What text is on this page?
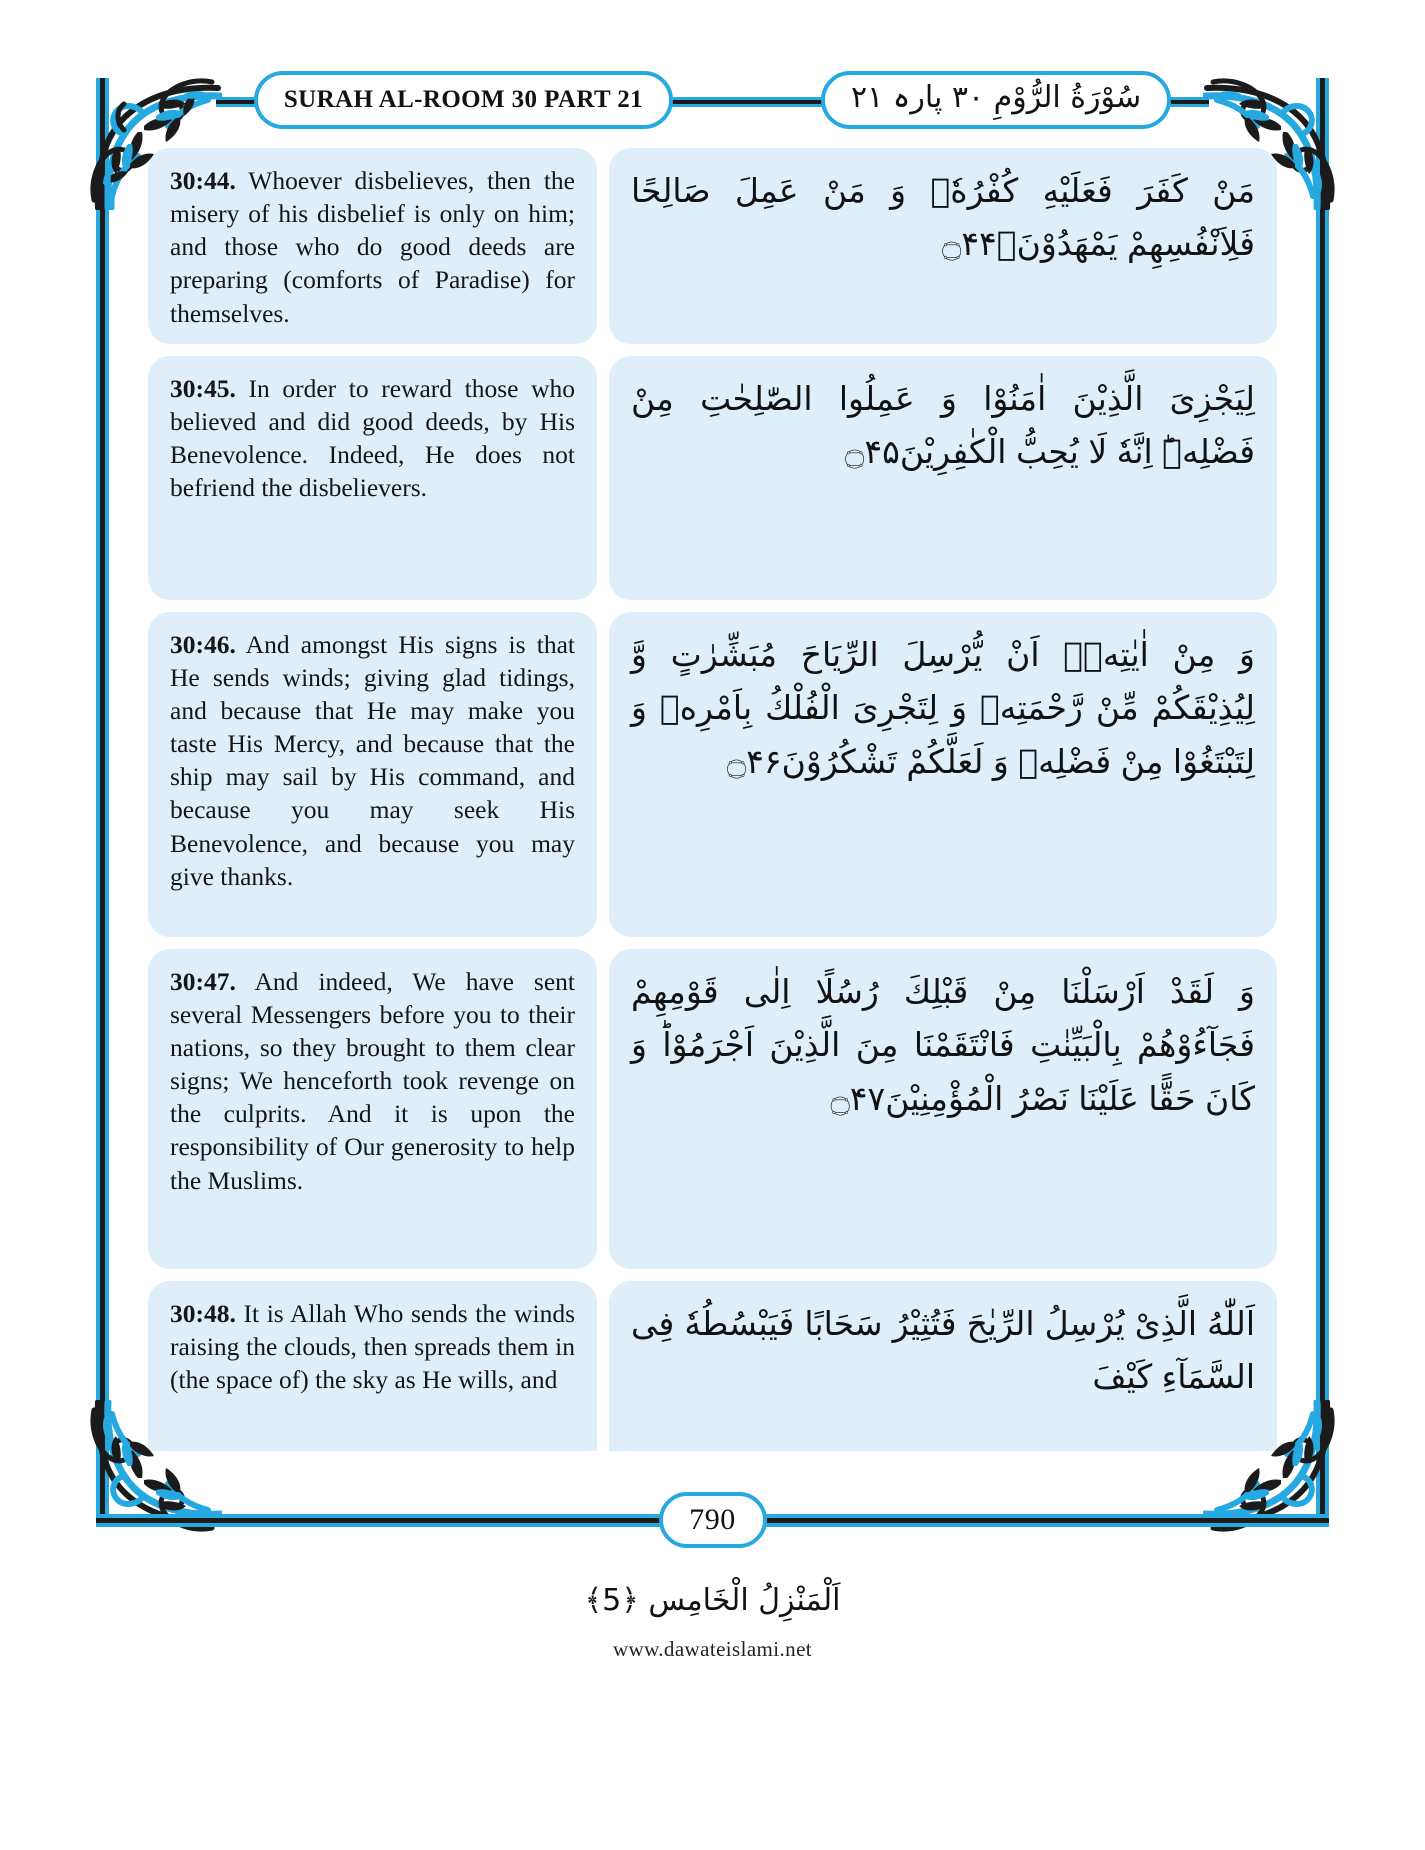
SURAH AL-ROOM 30 PART 21	سُوْرَةُ الرُّوْمِ ۳۰ پارہ ۲۱
30:44. Whoever disbelieves, then the misery of his disbelief is only on him; and those who do good deeds are preparing (comforts of Paradise) for themselves.
مَنْ كَفَرَ فَعَلَيْهِ كُفْرُهٗۚ وَ مَنْ عَمِلَ صَالِحًا فَلِاَنْفُسِهِمْ یَمْهَدُوْنَۙ۝۴۴
30:45. In order to reward those who believed and did good deeds, by His Benevolence. Indeed, He does not befriend the disbelievers.
لِیَجْزِیَ الَّذِیْنَ اٰمَنُوْا وَ عَمِلُوا الصّٰلِحٰتِ مِنْ فَضْلِهٖؕ اِنَّهٗ لَا یُحِبُّ الْكٰفِرِیْنَ۝۴۵
30:46. And amongst His signs is that He sends winds; giving glad tidings, and because that He may make you taste His Mercy, and because that the ship may sail by His command, and because you may seek His Benevolence, and because you may give thanks.
وَ مِنْ اٰیٰتِهٖۤ اَنْ یُّرْسِلَ الرِّیَاحَ مُبَشِّرٰتٍ وَّ لِیُذِیْقَكُمْ مِّنْ رَّحْمَتِهٖ وَ لِتَجْرِیَ الْفُلْكُ بِاَمْرِهٖ وَ لِتَبْتَغُوْا مِنْ فَضْلِهٖ وَ لَعَلَّكُمْ تَشْكُرُوْنَ۝۴۶
30:47. And indeed, We have sent several Messengers before you to their nations, so they brought to them clear signs; We henceforth took revenge on the culprits. And it is upon the responsibility of Our generosity to help the Muslims.
وَ لَقَدْ اَرْسَلْنَا مِنْ قَبْلِكَ رُسُلًا اِلٰى قَوْمِهِمْ فَجَآءُوْهُمْ بِالْبَیِّنٰتِ فَانْتَقَمْنَا مِنَ الَّذِیْنَ اَجْرَمُوْاؕ وَ كَانَ حَقًّا عَلَیْنَا نَصْرُ الْمُؤْمِنِیْنَ۝۴۷
30:48. It is Allah Who sends the winds raising the clouds, then spreads them in (the space of) the sky as He wills, and
اَللّٰهُ الَّذِیْ یُرْسِلُ الرِّیٰحَ فَتُثِیْرُ سَحَابًا فَیَبْسُطُهٗ فِی السَّمَآءِ كَیْفَ
790
اَلْمَنْزِلُ الْخَامِس ﴿5﴾
www.dawateislami.net
